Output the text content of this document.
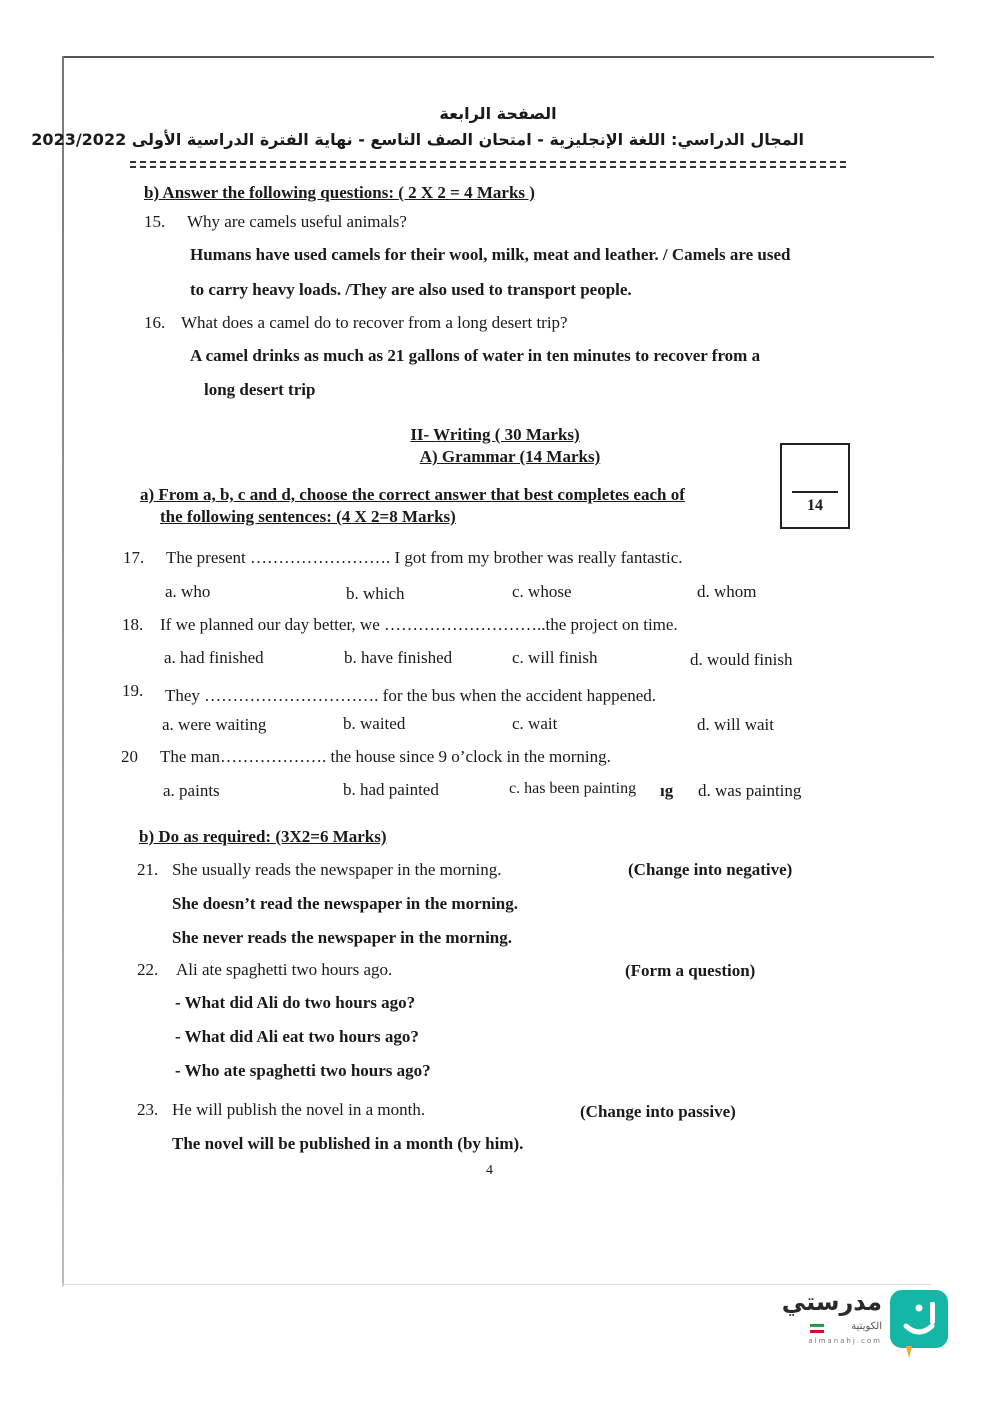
الصفحة الرابعة
المجال الدراسي: اللغة الإنجليزية - امتحان الصف التاسع - نهاية الفترة الدراسية الأولى 2023/2022
b) Answer the following questions: ( 2 X 2 = 4 Marks )
15. Why are camels useful animals?
Humans have used camels for their wool, milk, meat and leather. / Camels are used
to carry heavy loads. /They are also used to transport people.
16. What does a camel do to recover from a long desert trip?
A camel drinks as much as 21 gallons of water in ten minutes to recover from a
long desert trip
II- Writing ( 30 Marks)
A) Grammar (14 Marks)
14
a) From a, b, c and d, choose the correct answer that best completes each of
the following sentences: (4 X 2=8 Marks)
17. The present ……………………. I got from my brother was really fantastic.
a. who	b. which	c. whose	d. whom
18. If we planned our day better, we ………………………..the project on time.
a. had finished	b. have finished	c. will finish	d. would finish
19. They …………………………. for the bus when the accident happened.
a. were waiting	b. waited	c. wait	d. will wait
20 The man………………. the house since 9 o’clock in the morning.
a. paints	b. had painted	c. has been painting ıg d. was painting
b) Do as required: (3X2=6 Marks)
21. She usually reads the newspaper in the morning.	(Change into negative)
She doesn’t read the newspaper in the morning.
She never reads the newspaper in the morning.
22. Ali ate spaghetti two hours ago.	(Form a question)
- What did Ali do two hours ago?
- What did Ali eat two hours ago?
- Who ate spaghetti two hours ago?
23. He will publish the novel in a month.	(Change into passive)
The novel will be published in a month (by him).
4
مدرستي
الكويتية
almanahj.com
